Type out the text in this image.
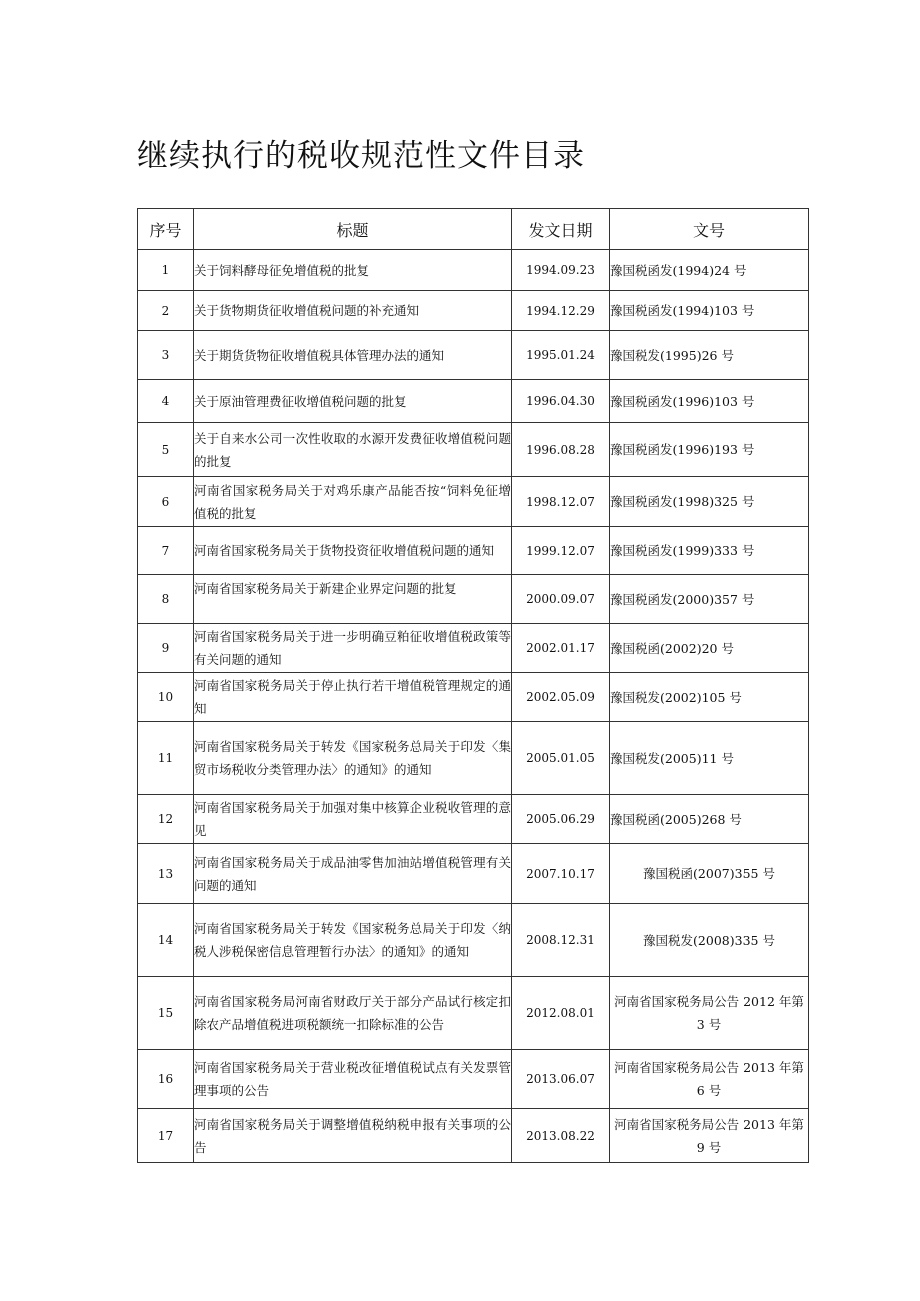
继续执行的税收规范性文件目录
序号	标题	发文日期	文号
1	关于饲料酵母征免增值税的批复	1994.09.23	豫国税函发(1994)24 号
2	关于货物期货征收增值税问题的补充通知	1994.12.29	豫国税函发(1994)103 号
3	关于期货货物征收增值税具体管理办法的通知	1995.01.24	豫国税发(1995)26 号
4	关于原油管理费征收增值税问题的批复	1996.04.30	豫国税函发(1996)103 号
5	关于自来水公司一次性收取的水源开发费征收增值税问题的批复	1996.08.28	豫国税函发(1996)193 号
6	河南省国家税务局关于对鸡乐康产品能否按“饲料免征增值税的批复	1998.12.07	豫国税函发(1998)325 号
7	河南省国家税务局关于货物投资征收增值税问题的通知	1999.12.07	豫国税函发(1999)333 号
8	河南省国家税务局关于新建企业界定问题的批复	2000.09.07	豫国税函发(2000)357 号
9	河南省国家税务局关于进一步明确豆粕征收增值税政策等有关问题的通知	2002.01.17	豫国税函(2002)20 号
10	河南省国家税务局关于停止执行若干增值税管理规定的通知	2002.05.09	豫国税发(2002)105 号
11	河南省国家税务局关于转发《国家税务总局关于印发〈集贸市场税收分类管理办法〉的通知》的通知	2005.01.05	豫国税发(2005)11 号
12	河南省国家税务局关于加强对集中核算企业税收管理的意见	2005.06.29	豫国税函(2005)268 号
13	河南省国家税务局关于成品油零售加油站增值税管理有关问题的通知	2007.10.17	豫国税函(2007)355 号
14	河南省国家税务局关于转发《国家税务总局关于印发〈纳税人涉税保密信息管理暂行办法〉的通知》的通知	2008.12.31	豫国税发(2008)335 号
15	河南省国家税务局河南省财政厅关于部分产品试行核定扣除农产品增值税进项税额统一扣除标准的公告	2012.08.01	河南省国家税务局公告 2012 年第 3 号
16	河南省国家税务局关于营业税改征增值税试点有关发票管理事项的公告	2013.06.07	河南省国家税务局公告 2013 年第 6 号
17	河南省国家税务局关于调整增值税纳税申报有关事项的公告	2013.08.22	河南省国家税务局公告 2013 年第 9 号
